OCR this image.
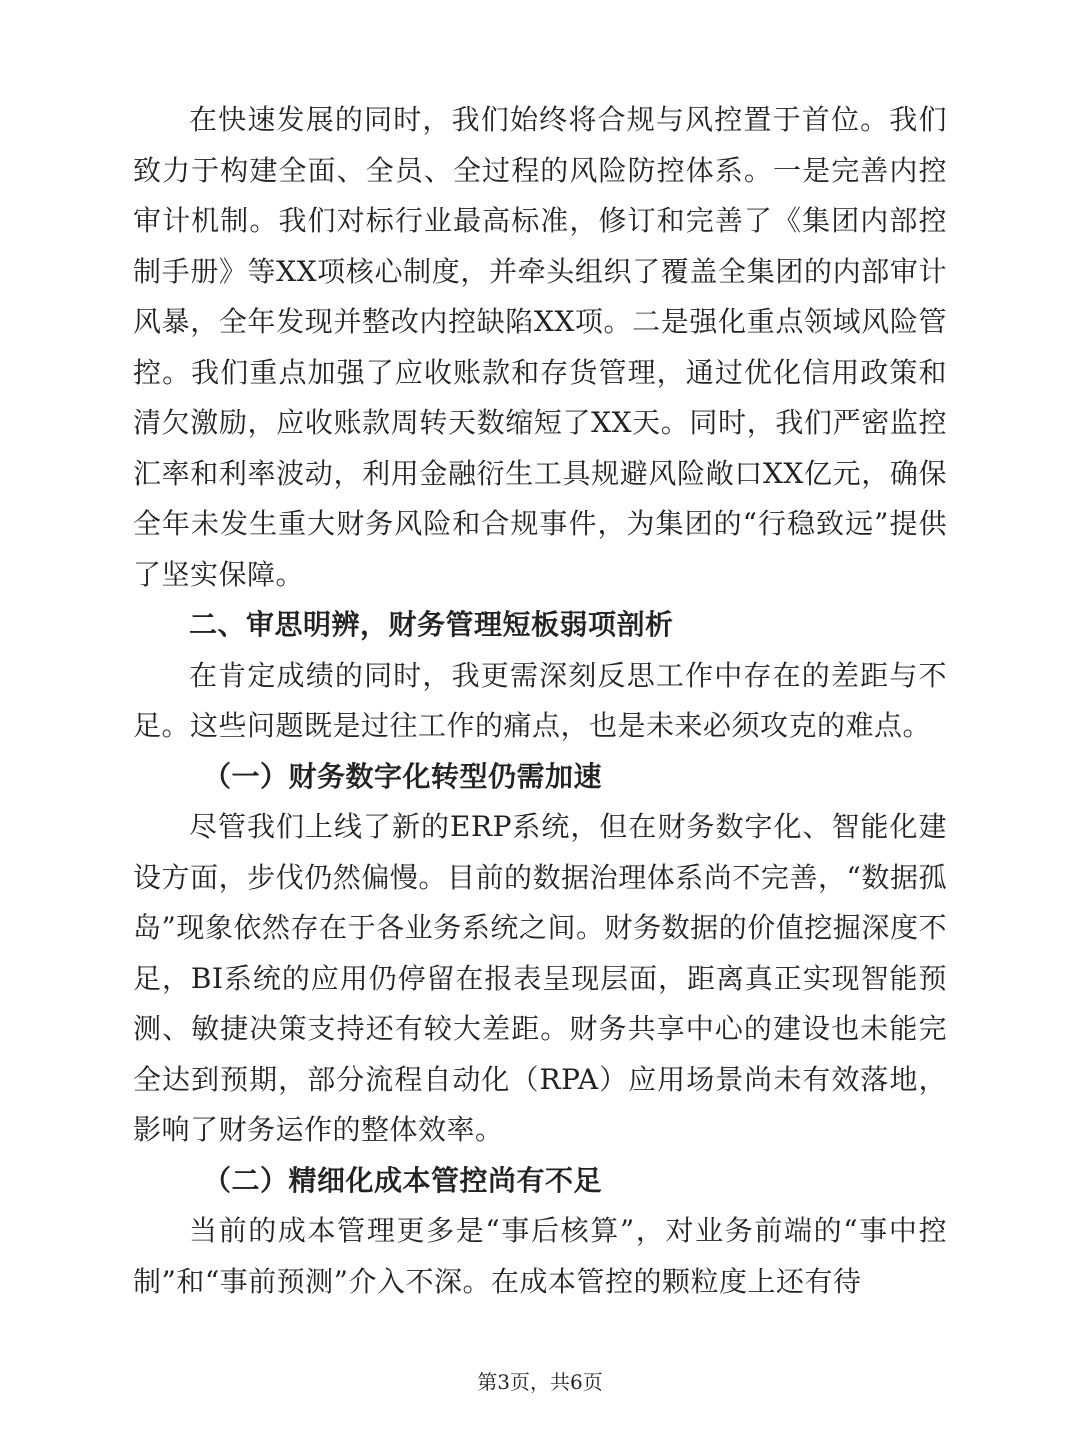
在快速发展的同时，我们始终将合规与风控置于首位。我们致力于构建全面、全员、全过程的风险防控体系。一是完善内控审计机制。我们对标行业最高标准，修订和完善了《集团内部控制手册》等XX项核心制度，并牵头组织了覆盖全集团的内部审计风暴，全年发现并整改内控缺陷XX项。二是强化重点领域风险管控。我们重点加强了应收账款和存货管理，通过优化信用政策和清欠激励，应收账款周转天数缩短了XX天。同时，我们严密监控汇率和利率波动，利用金融衍生工具规避风险敞口XX亿元，确保全年未发生重大财务风险和合规事件，为集团的“行稳致远”提供了坚实保障。

二、审思明辨，财务管理短板弱项剖析

在肯定成绩的同时，我更需深刻反思工作中存在的差距与不足。这些问题既是过往工作的痛点，也是未来必须攻克的难点。

（一）财务数字化转型仍需加速

尽管我们上线了新的ERP系统，但在财务数字化、智能化建设方面，步伐仍然偏慢。目前的数据治理体系尚不完善，“数据孤岛”现象依然存在于各业务系统之间。财务数据的价值挖掘深度不足，BI系统的应用仍停留在报表呈现层面，距离真正实现智能预测、敏捷决策支持还有较大差距。财务共享中心的建设也未能完全达到预期，部分流程自动化（RPA）应用场景尚未有效落地，影响了财务运作的整体效率。

（二）精细化成本管控尚有不足

当前的成本管理更多是“事后核算”，对业务前端的“事中控制”和“事前预测”介入不深。在成本管控的颗粒度上还有待

第3页，共6页
